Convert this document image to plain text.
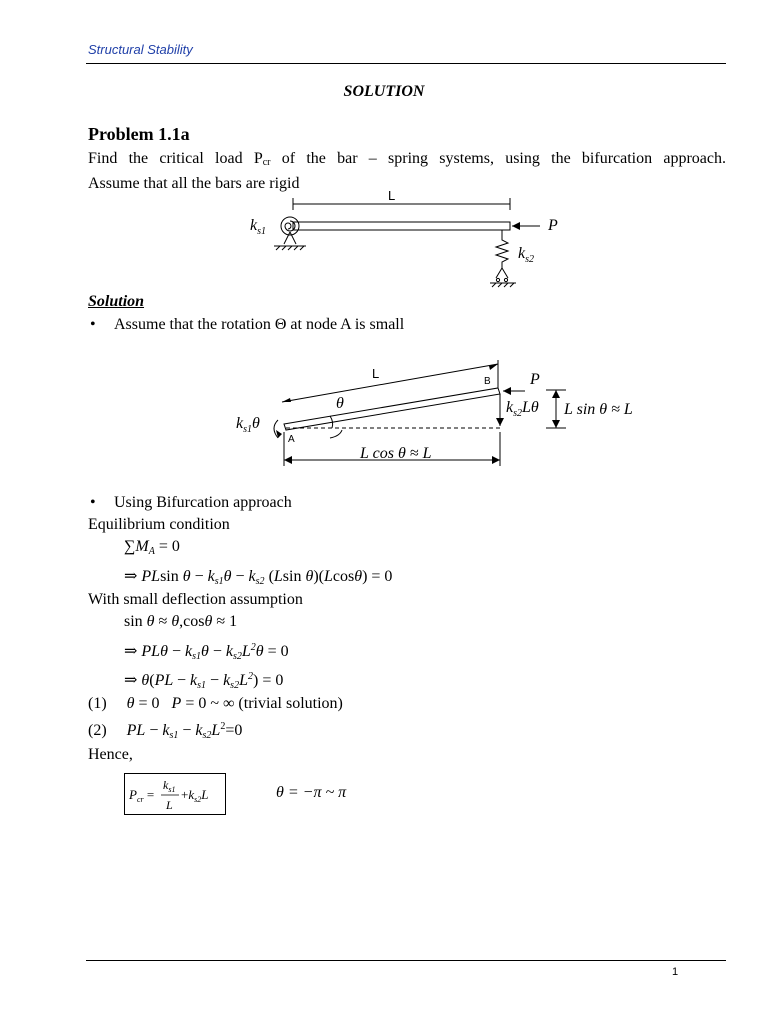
Structural Stability
SOLUTION
Problem 1.1a
Find the critical load $P_{cr}$ of the bar – spring systems, using the bifurcation approach.
Assume that all the bars are rigid
L
$k_{s1}$	P
$k_{s2}$
Solution
• Assume that the rotation Θ at node A is small
L
B
A
P
θ
$k_{s1}\theta$
$k_{s2}L\theta$ L sin θ ≈ L
L cos θ ≈ L
• Using Bifurcation approach
Equilibrium condition
∑MA = 0
⇒ PLsin θ − ks1θ − ks2 (Lsin θ)(Lcosθ) = 0
With small deflection assumption
sin θ ≈ θ,cosθ ≈ 1
⇒ $PL\theta - ks1\theta - ks2L^2\theta = 0$
⇒ $\theta(PL - ks1 - ks2L^2) = 0$
(1) θ = 0   P = 0 ~ ∞ (trivial solution)
(2) PL − $ks1 - ks2L^2=0$
Hence,
$P_{cr}$ =
$k_{s1}$
L
$+k_{s2}L$	θ = −π ~ π
1
